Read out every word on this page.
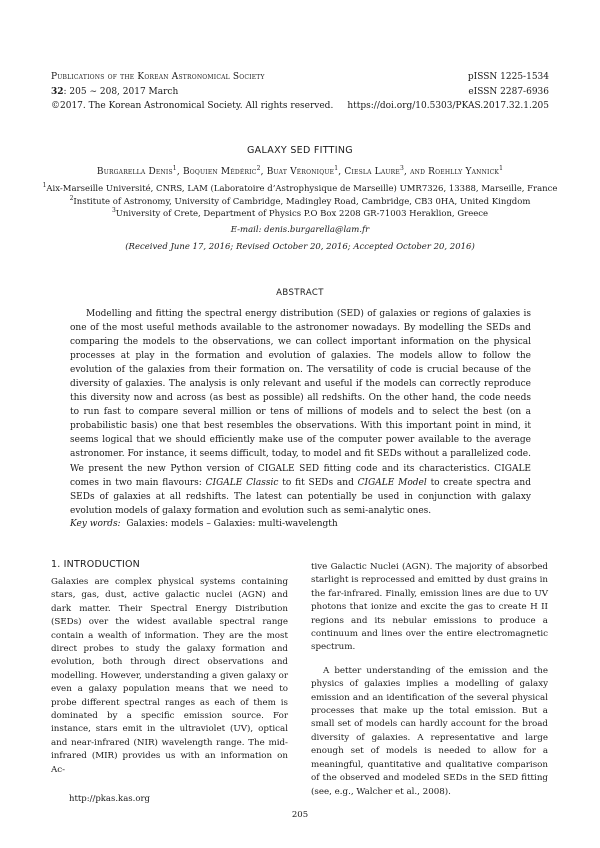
Publications of the Korean Astronomical Society
32: 205 ∼ 208, 2017 March
©2017. The Korean Astronomical Society. All rights reserved.
pISSN 1225-1534
eISSN 2287-6936
https://doi.org/10.5303/PKAS.2017.32.1.205
GALAXY SED FITTING
Burgarella Denis$^1$, Boquien Médéric$^2$, Buat Véronique$^1$, Ciesla Laure$^3$, and Roehlly Yannick$^1$
$^1$Aix-Marseille Université, CNRS, LAM (Laboratoire d’Astrophysique de Marseille) UMR7326, 13388, Marseille, France
$^2$Institute of Astronomy, University of Cambridge, Madingley Road, Cambridge, CB3 0HA, United Kingdom
$^3$University of Crete, Department of Physics P.O Box 2208 GR-71003 Heraklion, Greece
E-mail: denis.burgarella@lam.fr
(Received June 17, 2016; Revised October 20, 2016; Accepted October 20, 2016)
ABSTRACT

Modelling and fitting the spectral energy distribution (SED) of galaxies or regions of galaxies is one of the most useful methods available to the astronomer nowadays. By modelling the SEDs and comparing the models to the observations, we can collect important information on the physical processes at play in the formation and evolution of galaxies. The models allow to follow the evolution of the galaxies from their formation on. The versatility of code is crucial because of the diversity of galaxies. The analysis is only relevant and useful if the models can correctly reproduce this diversity now and across (as best as possible) all redshifts. On the other hand, the code needs to run fast to compare several million or tens of millions of models and to select the best (on a probabilistic basis) one that best resembles the observations. With this important point in mind, it seems logical that we should efficiently make use of the computer power available to the average astronomer. For instance, it seems difficult, today, to model and fit SEDs without a parallelized code. We present the new Python version of CIGALE SED fitting code and its characteristics. CIGALE comes in two main flavours: CIGALE Classic to fit SEDs and CIGALE Model to create spectra and SEDs of galaxies at all redshifts. The latest can potentially be used in conjunction with galaxy evolution models of galaxy formation and evolution such as semi-analytic ones.

Key words: Galaxies: models – Galaxies: multi-wavelength
1. INTRODUCTION

Galaxies are complex physical systems containing stars, gas, dust, active galactic nuclei (AGN) and dark matter. Their Spectral Energy Distribution (SEDs) over the widest available spectral range contain a wealth of information. They are the most direct probes to study the galaxy formation and evolution, both through direct observations and modelling. However, understanding a given galaxy or even a galaxy population means that we need to probe different spectral ranges as each of them is dominated by a specific emission source. For instance, stars emit in the ultraviolet (UV), optical and near-infrared (NIR) wavelength range. The mid-infrared (MIR) provides us with an information on Ac-

tive Galactic Nuclei (AGN). The majority of absorbed starlight is reprocessed and emitted by dust grains in the far-infrared. Finally, emission lines are due to UV photons that ionize and excite the gas to create H II regions and its nebular emissions to produce a continuum and lines over the entire electromagnetic spectrum.

A better understanding of the emission and the physics of galaxies implies a modelling of galaxy emission and an identification of the several physical processes that make up the total emission. But a small set of models can hardly account for the broad diversity of galaxies. A representative and large enough set of models is needed to allow for a meaningful, quantitative and qualitative comparison of the observed and modeled SEDs in the SED fitting (see, e.g., Walcher et al., 2008).

http://pkas.kas.org
205
